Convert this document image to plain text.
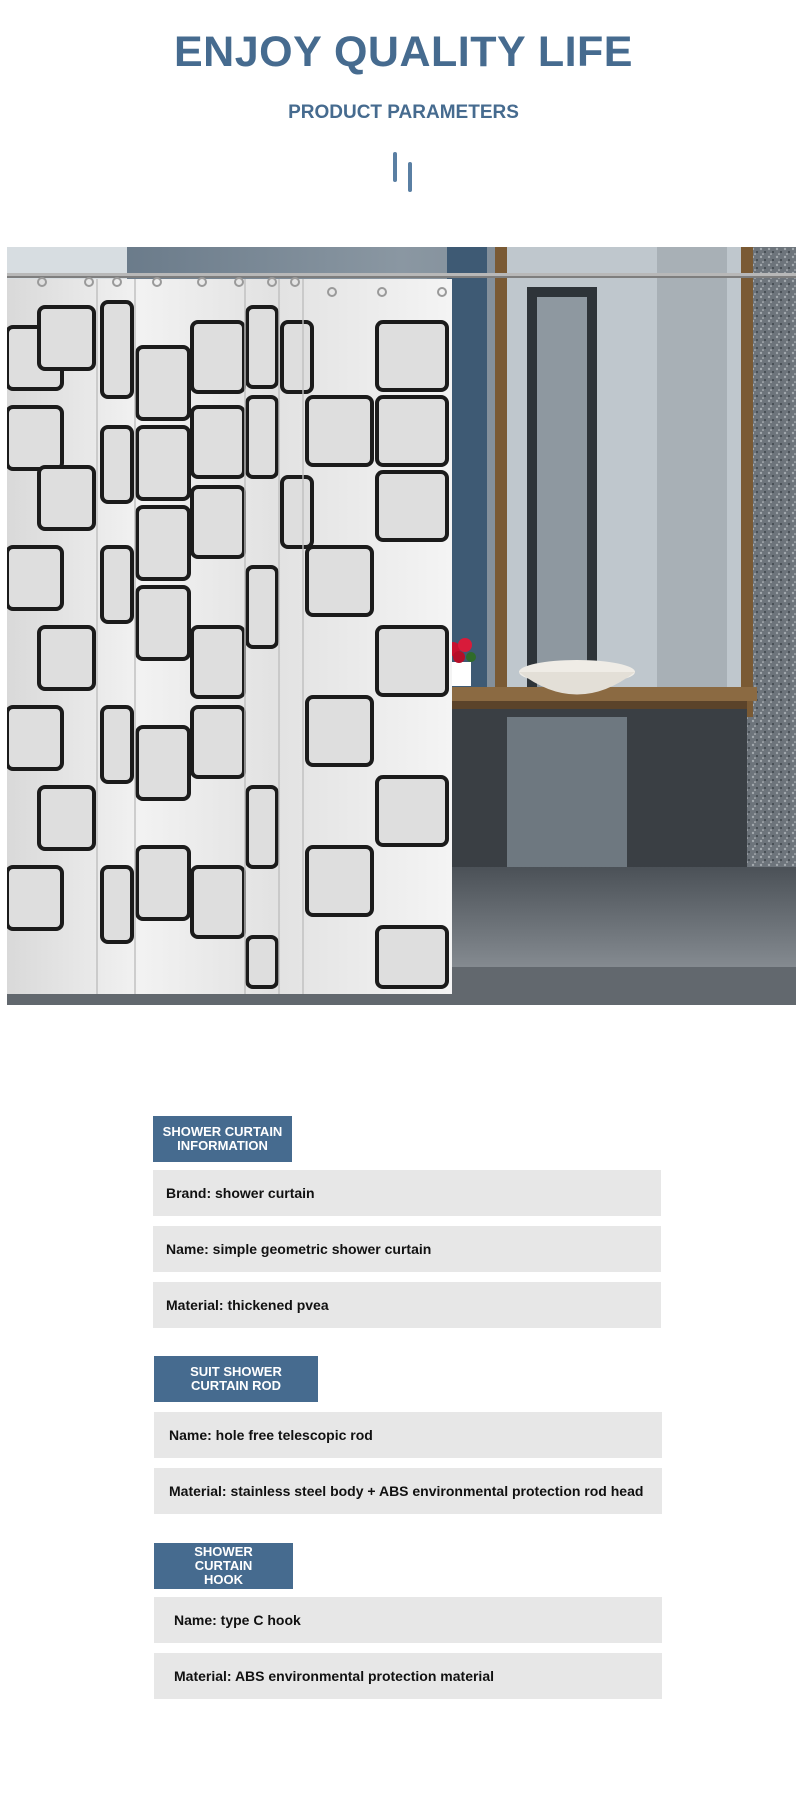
ENJOY QUALITY LIFE
PRODUCT PARAMETERS
SHOWER CURTAIN INFORMATION
Brand: shower curtain
Name: simple geometric shower curtain
Material: thickened pvea
SUIT SHOWER CURTAIN ROD
Name: hole free telescopic rod
Material: stainless steel body + ABS environmental protection rod head
SHOWER CURTAIN HOOK
Name: type C hook
Material: ABS environmental protection material
